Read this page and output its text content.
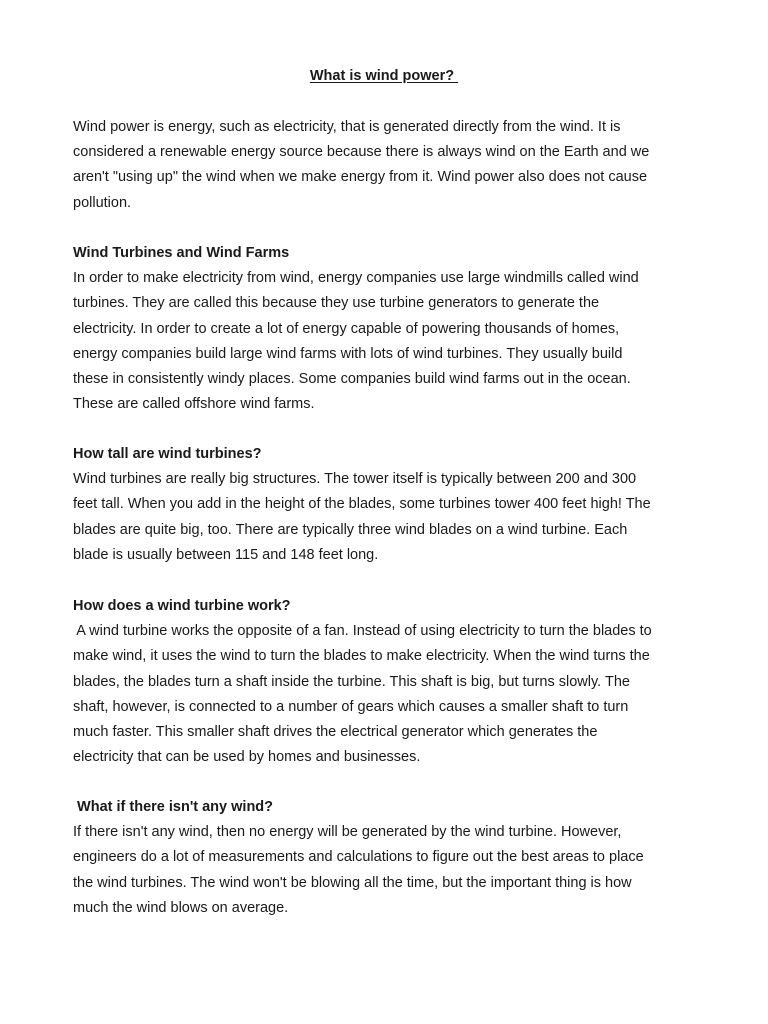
What is wind power?
Wind power is energy, such as electricity, that is generated directly from the wind. It is
considered a renewable energy source because there is always wind on the Earth and we
aren't "using up" the wind when we make energy from it. Wind power also does not cause
pollution.
Wind Turbines and Wind Farms
In order to make electricity from wind, energy companies use large windmills called wind
turbines. They are called this because they use turbine generators to generate the
electricity. In order to create a lot of energy capable of powering thousands of homes,
energy companies build large wind farms with lots of wind turbines. They usually build
these in consistently windy places. Some companies build wind farms out in the ocean.
These are called offshore wind farms.
How tall are wind turbines?
Wind turbines are really big structures. The tower itself is typically between 200 and 300
feet tall. When you add in the height of the blades, some turbines tower 400 feet high! The
blades are quite big, too. There are typically three wind blades on a wind turbine. Each
blade is usually between 115 and 148 feet long.
How does a wind turbine work?
A wind turbine works the opposite of a fan. Instead of using electricity to turn the blades to
make wind, it uses the wind to turn the blades to make electricity. When the wind turns the
blades, the blades turn a shaft inside the turbine. This shaft is big, but turns slowly. The
shaft, however, is connected to a number of gears which causes a smaller shaft to turn
much faster. This smaller shaft drives the electrical generator which generates the
electricity that can be used by homes and businesses.
What if there isn't any wind?
If there isn't any wind, then no energy will be generated by the wind turbine. However,
engineers do a lot of measurements and calculations to figure out the best areas to place
the wind turbines. The wind won't be blowing all the time, but the important thing is how
much the wind blows on average.
